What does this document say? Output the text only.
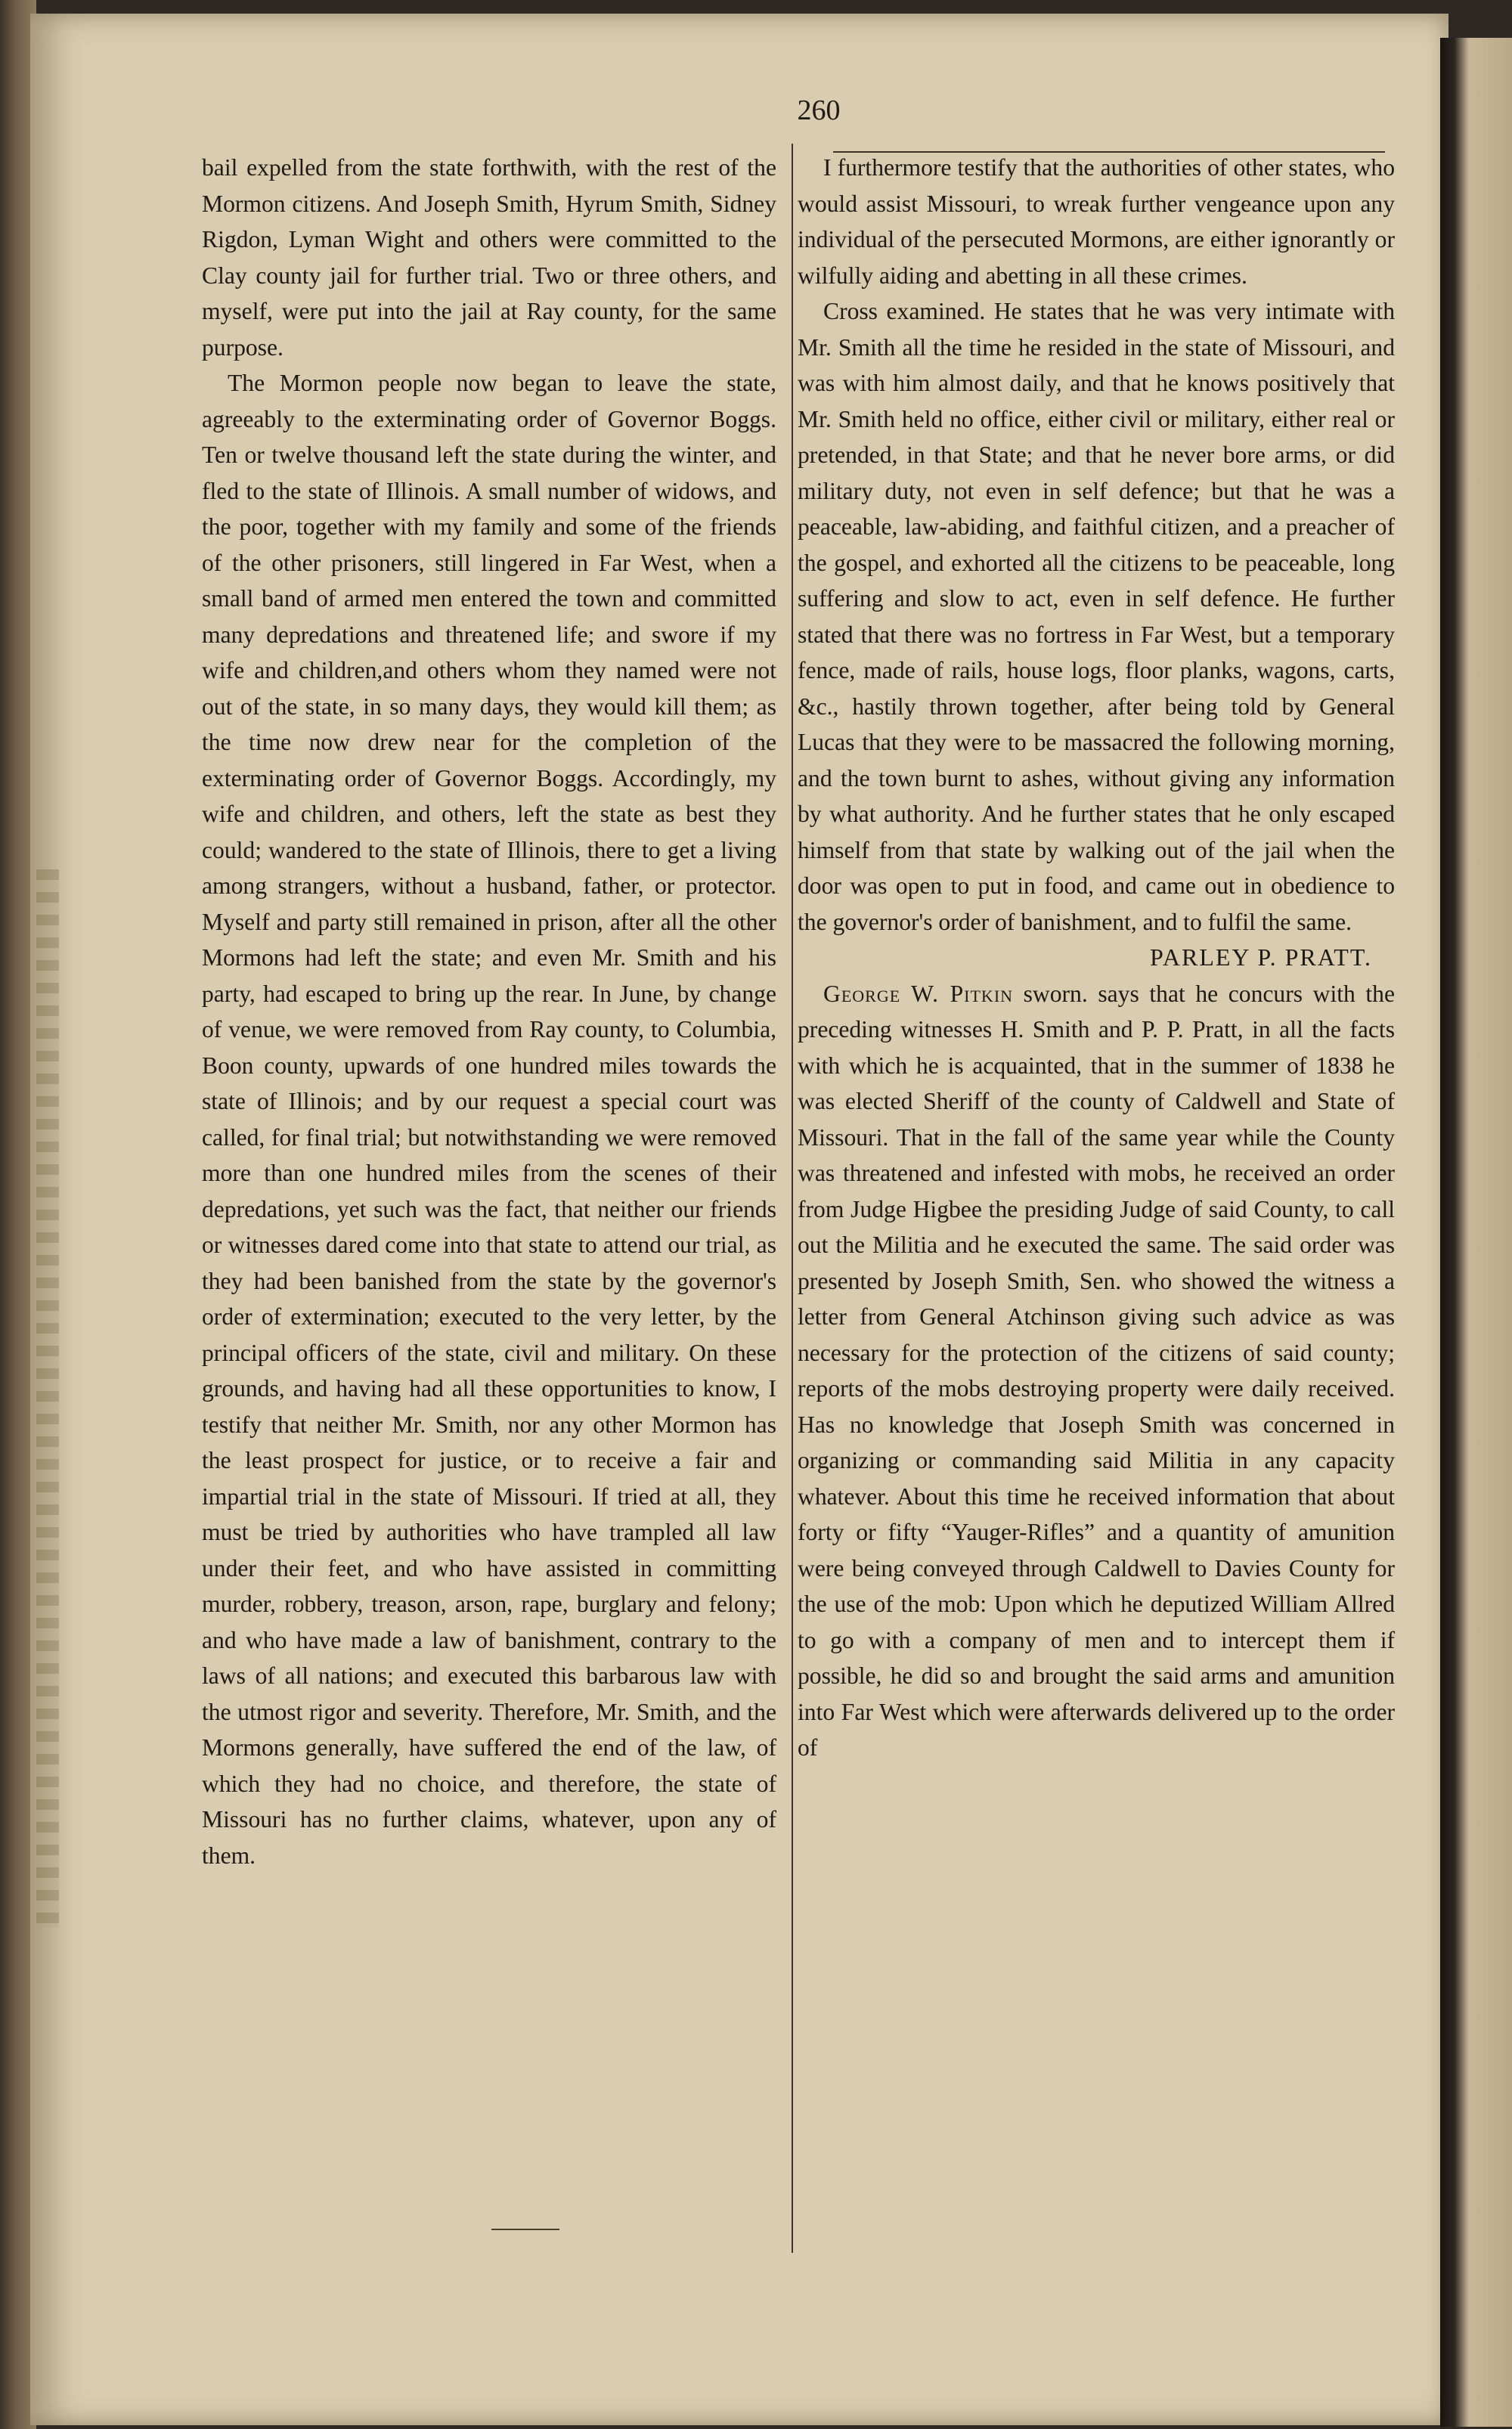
260

bail expelled from the state forthwith, with the rest of the Mormon citizens. And Joseph Smith, Hyrum Smith, Sidney Rigdon, Lyman Wight and others were committed to the Clay county jail for further trial. Two or three others, and myself, were put into the jail at Ray county, for the same purpose.

The Mormon people now began to leave the state, agreeably to the exterminating order of Governor Boggs. Ten or twelve thousand left the state during the winter, and fled to the state of Illinois. A small number of widows, and the poor, together with my family and some of the friends of the other prisoners, still lingered in Far West, when a small band of armed men entered the town and committed many depredations and threatened life; and swore if my wife and children,and others whom they named were not out of the state, in so many days, they would kill them; as the time now drew near for the completion of the exterminating order of Governor Boggs. Accordingly, my wife and children, and others, left the state as best they could; wandered to the state of Illinois, there to get a living among strangers, without a husband, father, or protector. Myself and party still remained in prison, after all the other Mormons had left the state; and even Mr. Smith and his party, had escaped to bring up the rear. In June, by change of venue, we were removed from Ray county, to Columbia, Boon county, upwards of one hundred miles towards the state of Illinois; and by our request a special court was called, for final trial; but notwithstanding we were removed more than one hundred miles from the scenes of their depredations, yet such was the fact, that neither our friends or witnesses dared come into that state to attend our trial, as they had been banished from the state by the governor's order of extermination; executed to the very letter, by the principal officers of the state, civil and military. On these grounds, and having had all these opportunities to know, I testify that neither Mr. Smith, nor any other Mormon has the least prospect for justice, or to receive a fair and impartial trial in the state of Missouri. If tried at all, they must be tried by authorities who have trampled all law under their feet, and who have assisted in committing murder, robbery, treason, arson, rape, burglary and felony; and who have made a law of banishment, contrary to the laws of all nations; and executed this barbarous law with the utmost rigor and severity. Therefore, Mr. Smith, and the Mormons generally, have suffered the end of the law, of which they had no choice, and therefore, the state of Missouri has no further claims, whatever, upon any of them.

I furthermore testify that the authorities of other states, who would assist Missouri, to wreak further vengeance upon any individual of the persecuted Mormons, are either ignorantly or wilfully aiding and abetting in all these crimes.

Cross examined. He states that he was very intimate with Mr. Smith all the time he resided in the state of Missouri, and was with him almost daily, and that he knows positively that Mr. Smith held no office, either civil or military, either real or pretended, in that State; and that he never bore arms, or did military duty, not even in self defence; but that he was a peaceable, law-abiding, and faithful citizen, and a preacher of the gospel, and exhorted all the citizens to be peaceable, long suffering and slow to act, even in self defence. He further stated that there was no fortress in Far West, but a temporary fence, made of rails, house logs, floor planks, wagons, carts, &c., hastily thrown together, after being told by General Lucas that they were to be massacred the following morning, and the town burnt to ashes, without giving any information by what authority. And he further states that he only escaped himself from that state by walking out of the jail when the door was open to put in food, and came out in obedience to the governor's order of banishment, and to fulfil the same.

PARLEY P. PRATT.

George W. Pitkin sworn. says that he concurs with the preceding witnesses H. Smith and P. P. Pratt, in all the facts with which he is acquainted, that in the summer of 1838 he was elected Sheriff of the county of Caldwell and State of Missouri. That in the fall of the same year while the County was threatened and infested with mobs, he received an order from Judge Higbee the presiding Judge of said County, to call out the Militia and he executed the same. The said order was presented by Joseph Smith, Sen. who showed the witness a letter from General Atchinson giving such advice as was necessary for the protection of the citizens of said county; reports of the mobs destroying property were daily received. Has no knowledge that Joseph Smith was concerned in organizing or commanding said Militia in any capacity whatever. About this time he received information that about forty or fifty “Yauger-Rifles” and a quantity of amunition were being conveyed through Caldwell to Davies County for the use of the mob: Upon which he deputized William Allred to go with a company of men and to intercept them if possible, he did so and brought the said arms and amunition into Far West which were afterwards delivered up to the order of
